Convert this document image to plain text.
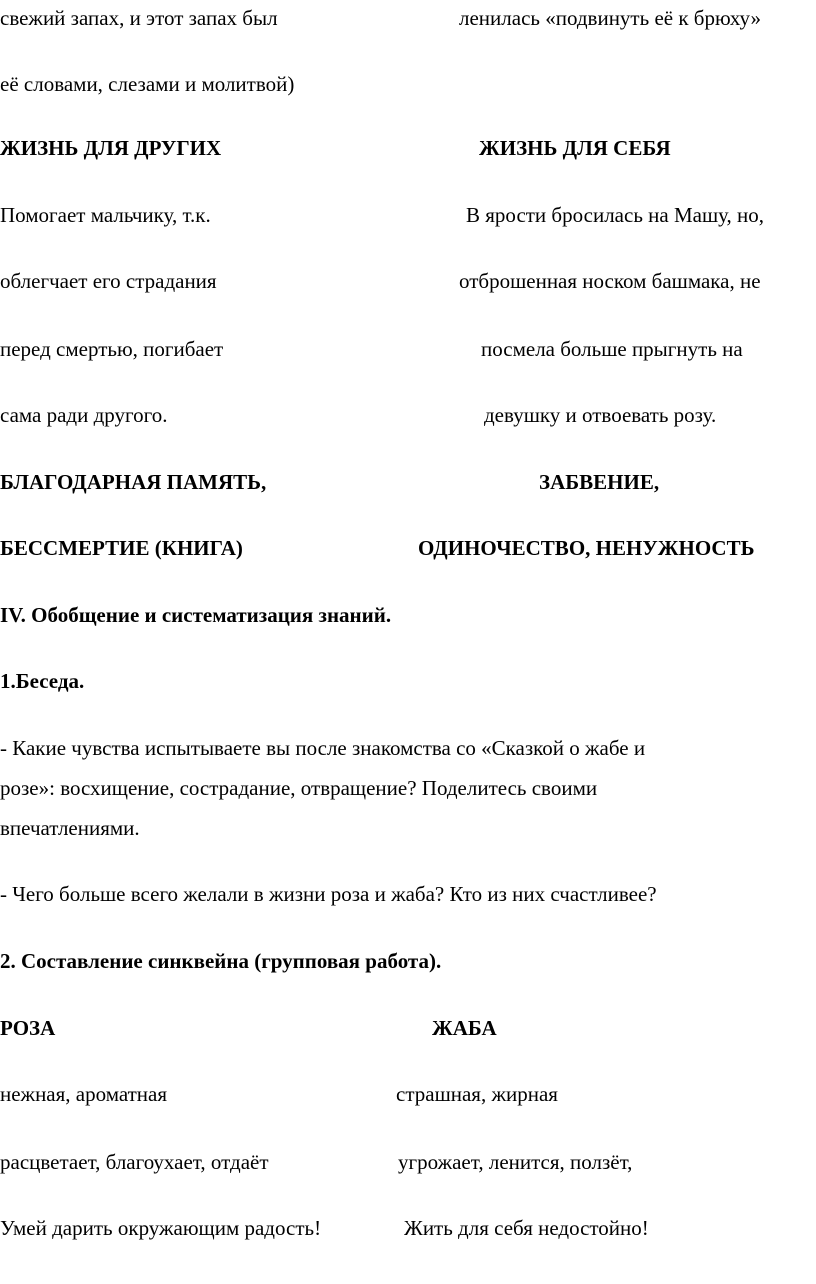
свежий запах, и этот запах был	ленилась «подвинуть её к брюху»
её словами, слезами и молитвой)
ЖИЗНЬ ДЛЯ ДРУГИХ	ЖИЗНЬ ДЛЯ СЕБЯ
Помогает мальчику, т.к.	В ярости бросилась на Машу, но,
облегчает его страдания	отброшенная носком башмака, не
перед смертью, погибает	посмела больше прыгнуть на
сама ради другого.	девушку и отвоевать розу.
БЛАГОДАРНАЯ ПАМЯТЬ,	ЗАБВЕНИЕ,
БЕССМЕРТИЕ (КНИГА)	ОДИНОЧЕСТВО, НЕНУЖНОСТЬ
IV. Обобщение и систематизация знаний.
1.Беседа.
- Какие чувства испытываете вы после знакомства со «Сказкой о жабе и
розе»: восхищение, сострадание, отвращение? Поделитесь своими
впечатлениями.
- Чего больше всего желали в жизни роза и жаба? Кто из них счастливее?
2. Составление синквейна (групповая работа).
РОЗА	ЖАБА
нежная, ароматная	страшная, жирная
расцветает, благоухает, отдаёт	угрожает, ленится, ползёт,
Умей дарить окружающим радость!	Жить для себя недостойно!
